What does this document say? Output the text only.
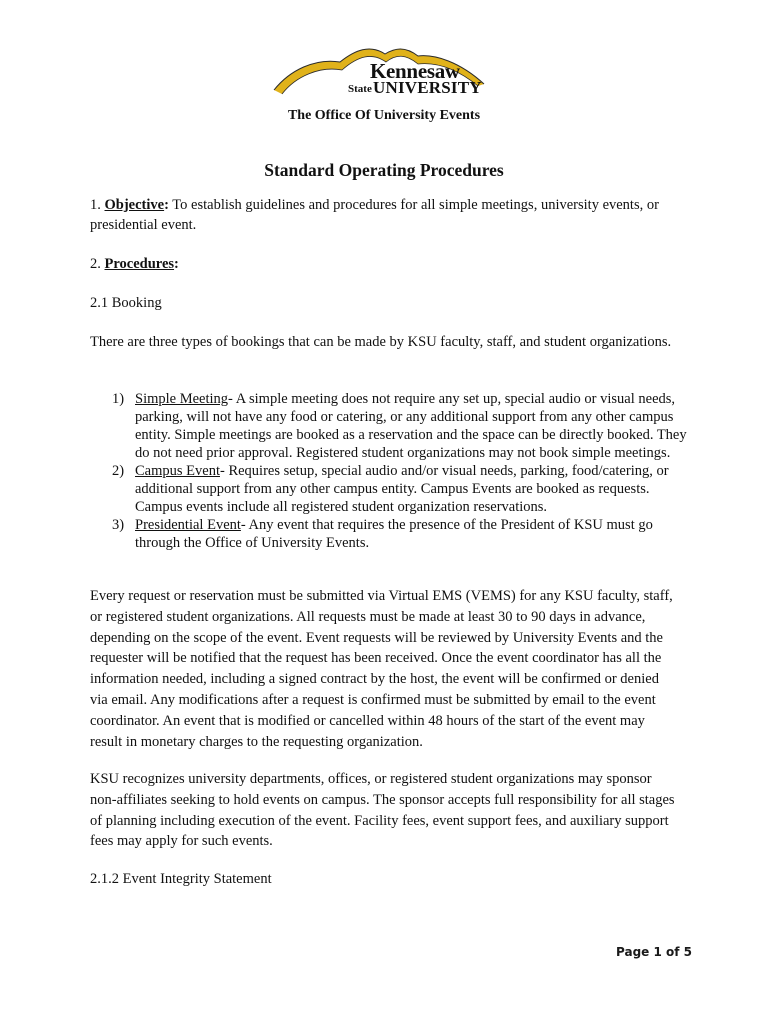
Kennesaw
State UNIVERSITY
The Office Of University Events
Standard Operating Procedures
1. Objective: To establish guidelines and procedures for all simple meetings, university events, or presidential event.
2. Procedures:
2.1 Booking
There are three types of bookings that can be made by KSU faculty, staff, and student organizations.
1) Simple Meeting- A simple meeting does not require any set up, special audio or visual needs, parking, will not have any food or catering, or any additional support from any other campus entity. Simple meetings are booked as a reservation and the space can be directly booked. They do not need prior approval. Registered student organizations may not book simple meetings.
2) Campus Event- Requires setup, special audio and/or visual needs, parking, food/catering, or additional support from any other campus entity. Campus Events are booked as requests. Campus events include all registered student organization reservations.
3) Presidential Event- Any event that requires the presence of the President of KSU must go through the Office of University Events.
Every request or reservation must be submitted via Virtual EMS (VEMS) for any KSU faculty, staff, or registered student organizations. All requests must be made at least 30 to 90 days in advance, depending on the scope of the event. Event requests will be reviewed by University Events and the requester will be notified that the request has been received. Once the event coordinator has all the information needed, including a signed contract by the host, the event will be confirmed or denied via email. Any modifications after a request is confirmed must be submitted by email to the event coordinator. An event that is modified or cancelled within 48 hours of the start of the event may result in monetary charges to the requesting organization.
KSU recognizes university departments, offices, or registered student organizations may sponsor non-affiliates seeking to hold events on campus. The sponsor accepts full responsibility for all stages of planning including execution of the event. Facility fees, event support fees, and auxiliary support fees may apply for such events.
2.1.2 Event Integrity Statement
Page 1 of 5
